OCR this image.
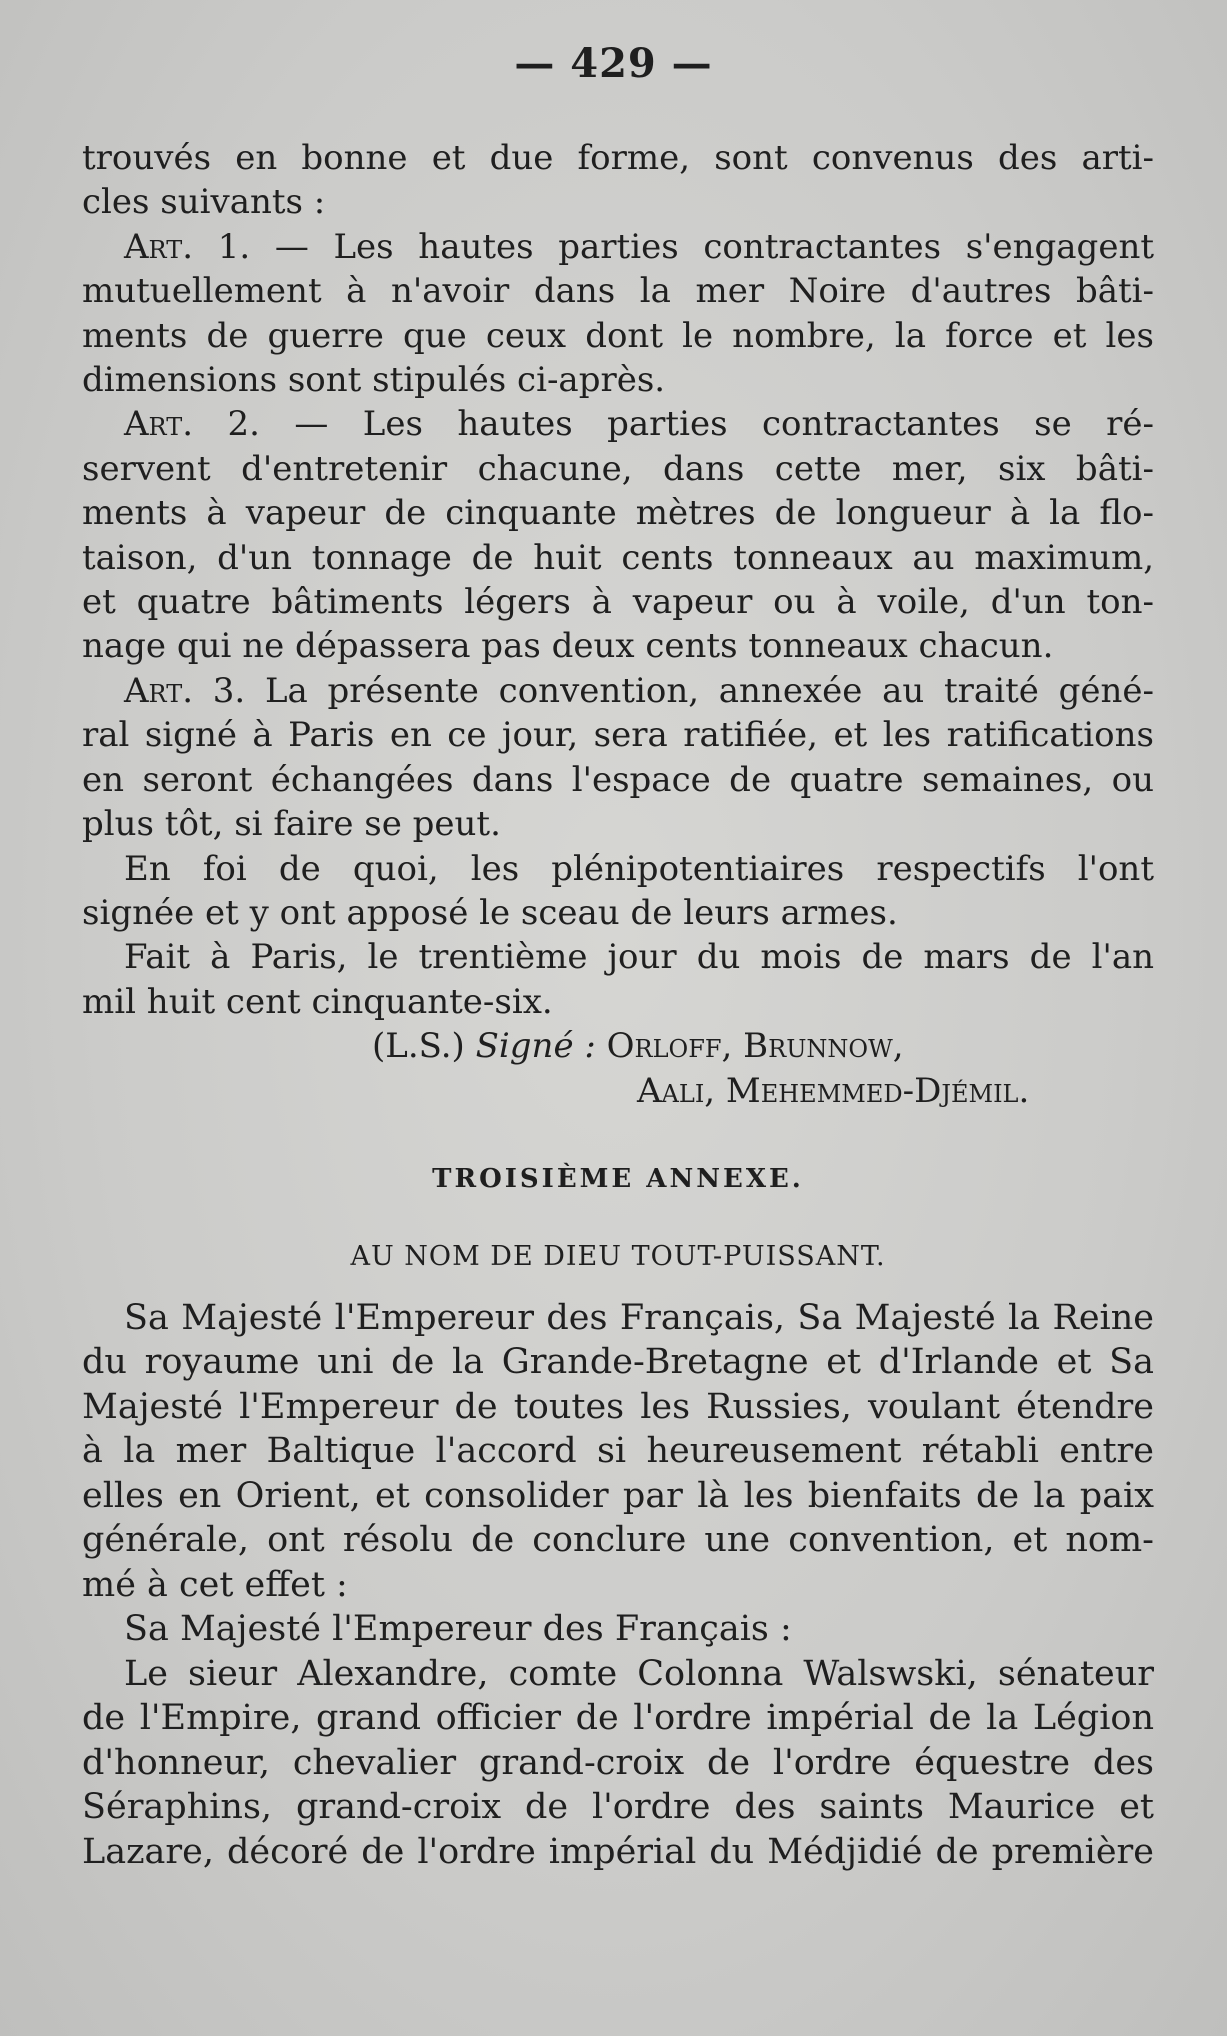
— 429 —
trouvés en bonne et due forme, sont convenus des arti-
cles suivants :
Art. 1. — Les hautes parties contractantes s'engagent
mutuellement à n'avoir dans la mer Noire d'autres bâti-
ments de guerre que ceux dont le nombre, la force et les
dimensions sont stipulés ci-après.
Art. 2. — Les hautes parties contractantes se ré-
servent d'entretenir chacune, dans cette mer, six bâti-
ments à vapeur de cinquante mètres de longueur à la flo-
taison, d'un tonnage de huit cents tonneaux au maximum,
et quatre bâtiments légers à vapeur ou à voile, d'un ton-
nage qui ne dépassera pas deux cents tonneaux chacun.
Art. 3. La présente convention, annexée au traité géné-
ral signé à Paris en ce jour, sera ratifiée, et les ratifications
en seront échangées dans l'espace de quatre semaines, ou
plus tôt, si faire se peut.
En foi de quoi, les plénipotentiaires respectifs l'ont
signée et y ont apposé le sceau de leurs armes.
Fait à Paris, le trentième jour du mois de mars de l'an
mil huit cent cinquante-six.
(L.S.) Signé : Orloff, Brunnow,
Aali, Mehemmed-Djémil.
TROISIÈME ANNEXE.
AU NOM DE DIEU TOUT-PUISSANT.
Sa Majesté l'Empereur des Français, Sa Majesté la Reine
du royaume uni de la Grande-Bretagne et d'Irlande et Sa
Majesté l'Empereur de toutes les Russies, voulant étendre
à la mer Baltique l'accord si heureusement rétabli entre
elles en Orient, et consolider par là les bienfaits de la paix
générale, ont résolu de conclure une convention, et nom-
mé à cet effet :
Sa Majesté l'Empereur des Français :
Le sieur Alexandre, comte Colonna Walswski, sénateur
de l'Empire, grand officier de l'ordre impérial de la Légion
d'honneur, chevalier grand-croix de l'ordre équestre des
Séraphins, grand-croix de l'ordre des saints Maurice et
Lazare, décoré de l'ordre impérial du Médjidié de première
